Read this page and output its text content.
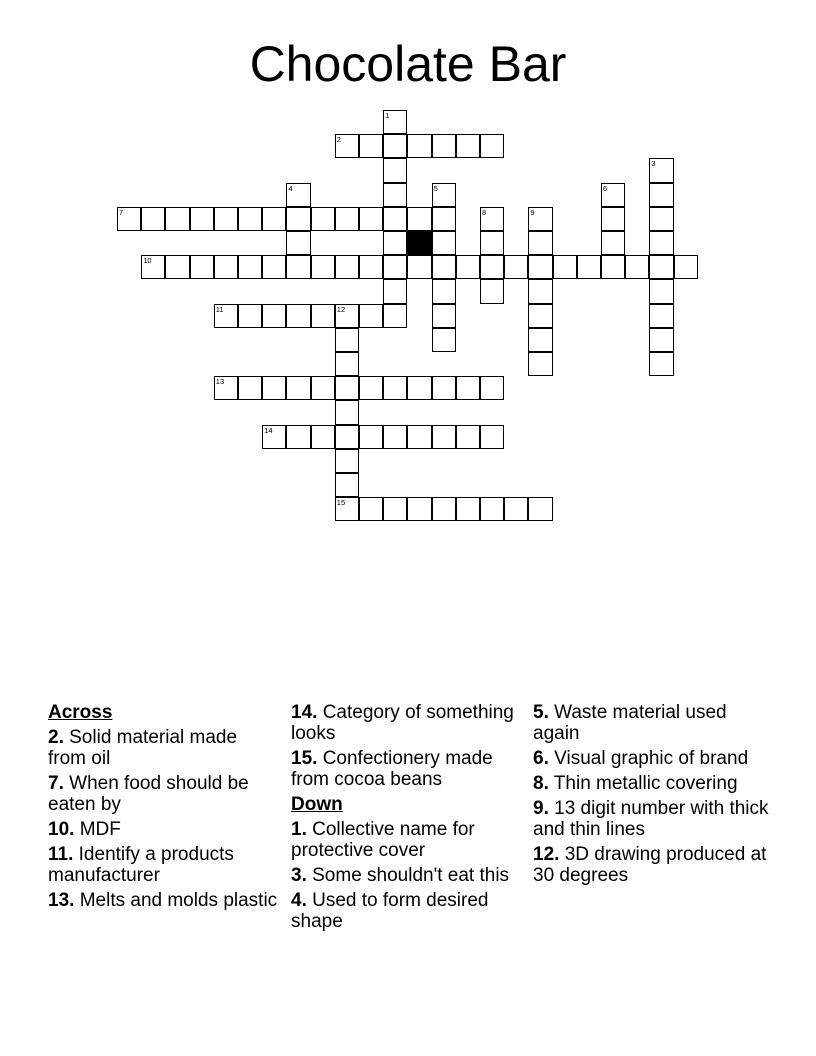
Chocolate Bar
1
2
3
4	5	6
7	8	9
10
11	12
15
13
14
Across
2. Solid material made from oil
7. When food should be eaten by
10. MDF
11. Identify a products manufacturer
13. Melts and molds plastic
14. Category of something looks
15. Confectionery made from cocoa beans
Down
1. Collective name for protective cover
3. Some shouldn't eat this
4. Used to form desired shape
5. Waste material used again
6. Visual graphic of brand
8. Thin metallic covering
9. 13 digit number with thick and thin lines
12. 3D drawing produced at 30 degrees
